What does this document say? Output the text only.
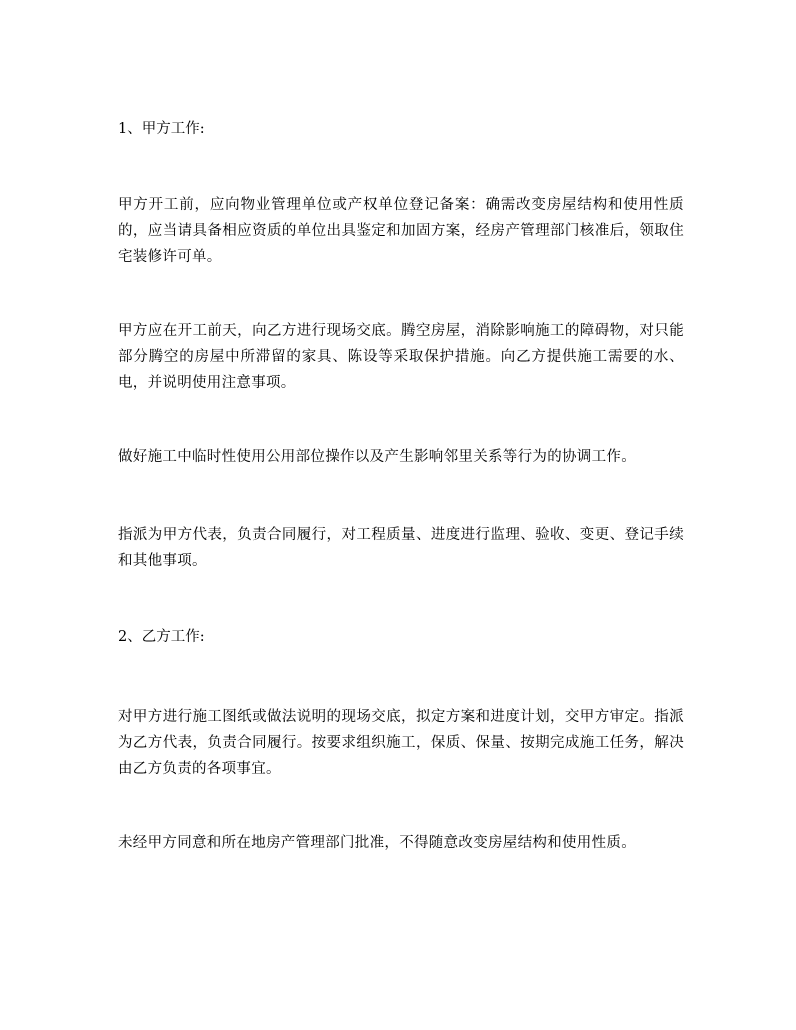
1、甲方工作:

甲方开工前，应向物业管理单位或产权单位登记备案：确需改变房屋结构和使用性质的，应当请具备相应资质的单位出具鉴定和加固方案，经房产管理部门核准后，领取住宅装修许可单。

甲方应在开工前天，向乙方进行现场交底。腾空房屋，消除影响施工的障碍物，对只能部分腾空的房屋中所滞留的家具、陈设等采取保护措施。向乙方提供施工需要的水、电，并说明使用注意事项。

做好施工中临时性使用公用部位操作以及产生影响邻里关系等行为的协调工作。

指派为甲方代表，负责合同履行，对工程质量、进度进行监理、验收、变更、登记手续和其他事项。

2、乙方工作:

对甲方进行施工图纸或做法说明的现场交底，拟定方案和进度计划，交甲方审定。指派为乙方代表，负责合同履行。按要求组织施工，保质、保量、按期完成施工任务，解决由乙方负责的各项事宜。

未经甲方同意和所在地房产管理部门批准，不得随意改变房屋结构和使用性质。
